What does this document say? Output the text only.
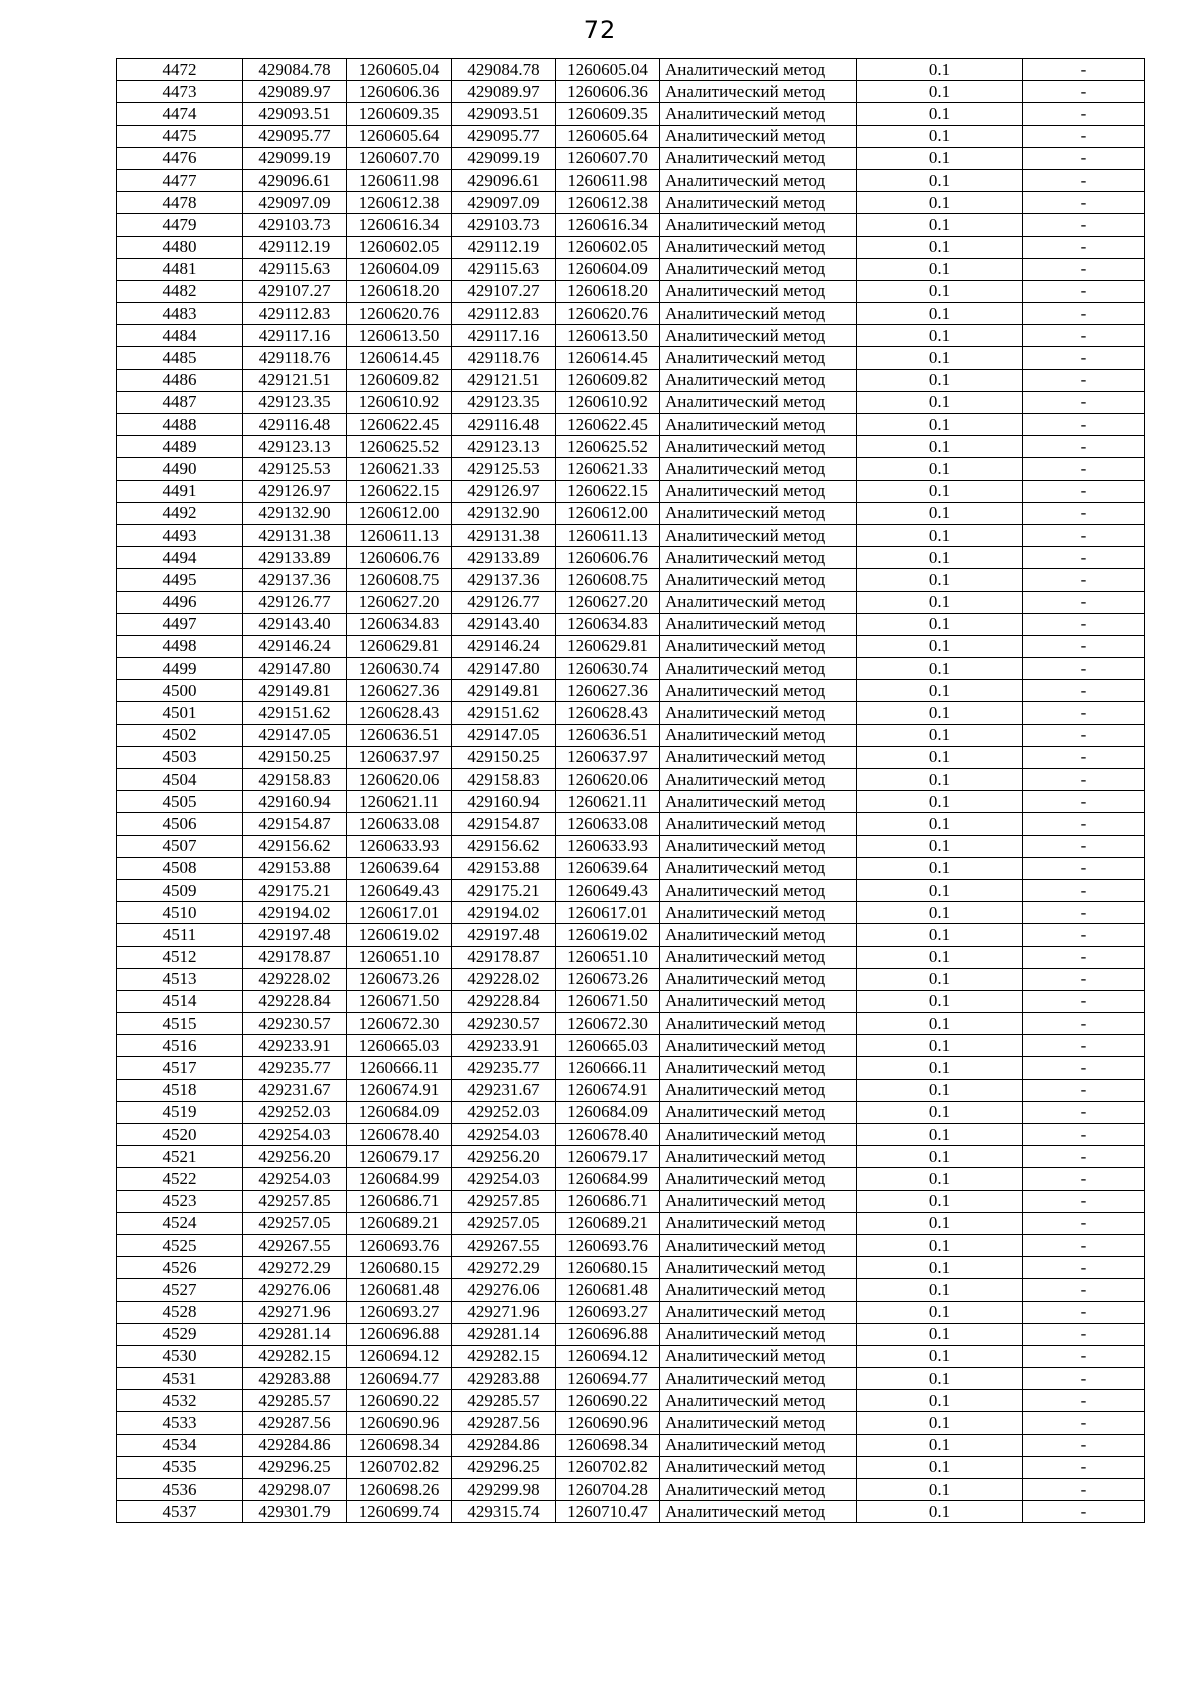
72
4472	429084.78	1260605.04	429084.78	1260605.04	Аналитический метод	0.1	-
4473	429089.97	1260606.36	429089.97	1260606.36	Аналитический метод	0.1	-
4474	429093.51	1260609.35	429093.51	1260609.35	Аналитический метод	0.1	-
4475	429095.77	1260605.64	429095.77	1260605.64	Аналитический метод	0.1	-
4476	429099.19	1260607.70	429099.19	1260607.70	Аналитический метод	0.1	-
4477	429096.61	1260611.98	429096.61	1260611.98	Аналитический метод	0.1	-
4478	429097.09	1260612.38	429097.09	1260612.38	Аналитический метод	0.1	-
4479	429103.73	1260616.34	429103.73	1260616.34	Аналитический метод	0.1	-
4480	429112.19	1260602.05	429112.19	1260602.05	Аналитический метод	0.1	-
4481	429115.63	1260604.09	429115.63	1260604.09	Аналитический метод	0.1	-
4482	429107.27	1260618.20	429107.27	1260618.20	Аналитический метод	0.1	-
4483	429112.83	1260620.76	429112.83	1260620.76	Аналитический метод	0.1	-
4484	429117.16	1260613.50	429117.16	1260613.50	Аналитический метод	0.1	-
4485	429118.76	1260614.45	429118.76	1260614.45	Аналитический метод	0.1	-
4486	429121.51	1260609.82	429121.51	1260609.82	Аналитический метод	0.1	-
4487	429123.35	1260610.92	429123.35	1260610.92	Аналитический метод	0.1	-
4488	429116.48	1260622.45	429116.48	1260622.45	Аналитический метод	0.1	-
4489	429123.13	1260625.52	429123.13	1260625.52	Аналитический метод	0.1	-
4490	429125.53	1260621.33	429125.53	1260621.33	Аналитический метод	0.1	-
4491	429126.97	1260622.15	429126.97	1260622.15	Аналитический метод	0.1	-
4492	429132.90	1260612.00	429132.90	1260612.00	Аналитический метод	0.1	-
4493	429131.38	1260611.13	429131.38	1260611.13	Аналитический метод	0.1	-
4494	429133.89	1260606.76	429133.89	1260606.76	Аналитический метод	0.1	-
4495	429137.36	1260608.75	429137.36	1260608.75	Аналитический метод	0.1	-
4496	429126.77	1260627.20	429126.77	1260627.20	Аналитический метод	0.1	-
4497	429143.40	1260634.83	429143.40	1260634.83	Аналитический метод	0.1	-
4498	429146.24	1260629.81	429146.24	1260629.81	Аналитический метод	0.1	-
4499	429147.80	1260630.74	429147.80	1260630.74	Аналитический метод	0.1	-
4500	429149.81	1260627.36	429149.81	1260627.36	Аналитический метод	0.1	-
4501	429151.62	1260628.43	429151.62	1260628.43	Аналитический метод	0.1	-
4502	429147.05	1260636.51	429147.05	1260636.51	Аналитический метод	0.1	-
4503	429150.25	1260637.97	429150.25	1260637.97	Аналитический метод	0.1	-
4504	429158.83	1260620.06	429158.83	1260620.06	Аналитический метод	0.1	-
4505	429160.94	1260621.11	429160.94	1260621.11	Аналитический метод	0.1	-
4506	429154.87	1260633.08	429154.87	1260633.08	Аналитический метод	0.1	-
4507	429156.62	1260633.93	429156.62	1260633.93	Аналитический метод	0.1	-
4508	429153.88	1260639.64	429153.88	1260639.64	Аналитический метод	0.1	-
4509	429175.21	1260649.43	429175.21	1260649.43	Аналитический метод	0.1	-
4510	429194.02	1260617.01	429194.02	1260617.01	Аналитический метод	0.1	-
4511	429197.48	1260619.02	429197.48	1260619.02	Аналитический метод	0.1	-
4512	429178.87	1260651.10	429178.87	1260651.10	Аналитический метод	0.1	-
4513	429228.02	1260673.26	429228.02	1260673.26	Аналитический метод	0.1	-
4514	429228.84	1260671.50	429228.84	1260671.50	Аналитический метод	0.1	-
4515	429230.57	1260672.30	429230.57	1260672.30	Аналитический метод	0.1	-
4516	429233.91	1260665.03	429233.91	1260665.03	Аналитический метод	0.1	-
4517	429235.77	1260666.11	429235.77	1260666.11	Аналитический метод	0.1	-
4518	429231.67	1260674.91	429231.67	1260674.91	Аналитический метод	0.1	-
4519	429252.03	1260684.09	429252.03	1260684.09	Аналитический метод	0.1	-
4520	429254.03	1260678.40	429254.03	1260678.40	Аналитический метод	0.1	-
4521	429256.20	1260679.17	429256.20	1260679.17	Аналитический метод	0.1	-
4522	429254.03	1260684.99	429254.03	1260684.99	Аналитический метод	0.1	-
4523	429257.85	1260686.71	429257.85	1260686.71	Аналитический метод	0.1	-
4524	429257.05	1260689.21	429257.05	1260689.21	Аналитический метод	0.1	-
4525	429267.55	1260693.76	429267.55	1260693.76	Аналитический метод	0.1	-
4526	429272.29	1260680.15	429272.29	1260680.15	Аналитический метод	0.1	-
4527	429276.06	1260681.48	429276.06	1260681.48	Аналитический метод	0.1	-
4528	429271.96	1260693.27	429271.96	1260693.27	Аналитический метод	0.1	-
4529	429281.14	1260696.88	429281.14	1260696.88	Аналитический метод	0.1	-
4530	429282.15	1260694.12	429282.15	1260694.12	Аналитический метод	0.1	-
4531	429283.88	1260694.77	429283.88	1260694.77	Аналитический метод	0.1	-
4532	429285.57	1260690.22	429285.57	1260690.22	Аналитический метод	0.1	-
4533	429287.56	1260690.96	429287.56	1260690.96	Аналитический метод	0.1	-
4534	429284.86	1260698.34	429284.86	1260698.34	Аналитический метод	0.1	-
4535	429296.25	1260702.82	429296.25	1260702.82	Аналитический метод	0.1	-
4536	429298.07	1260698.26	429299.98	1260704.28	Аналитический метод	0.1	-
4537	429301.79	1260699.74	429315.74	1260710.47	Аналитический метод	0.1	-
